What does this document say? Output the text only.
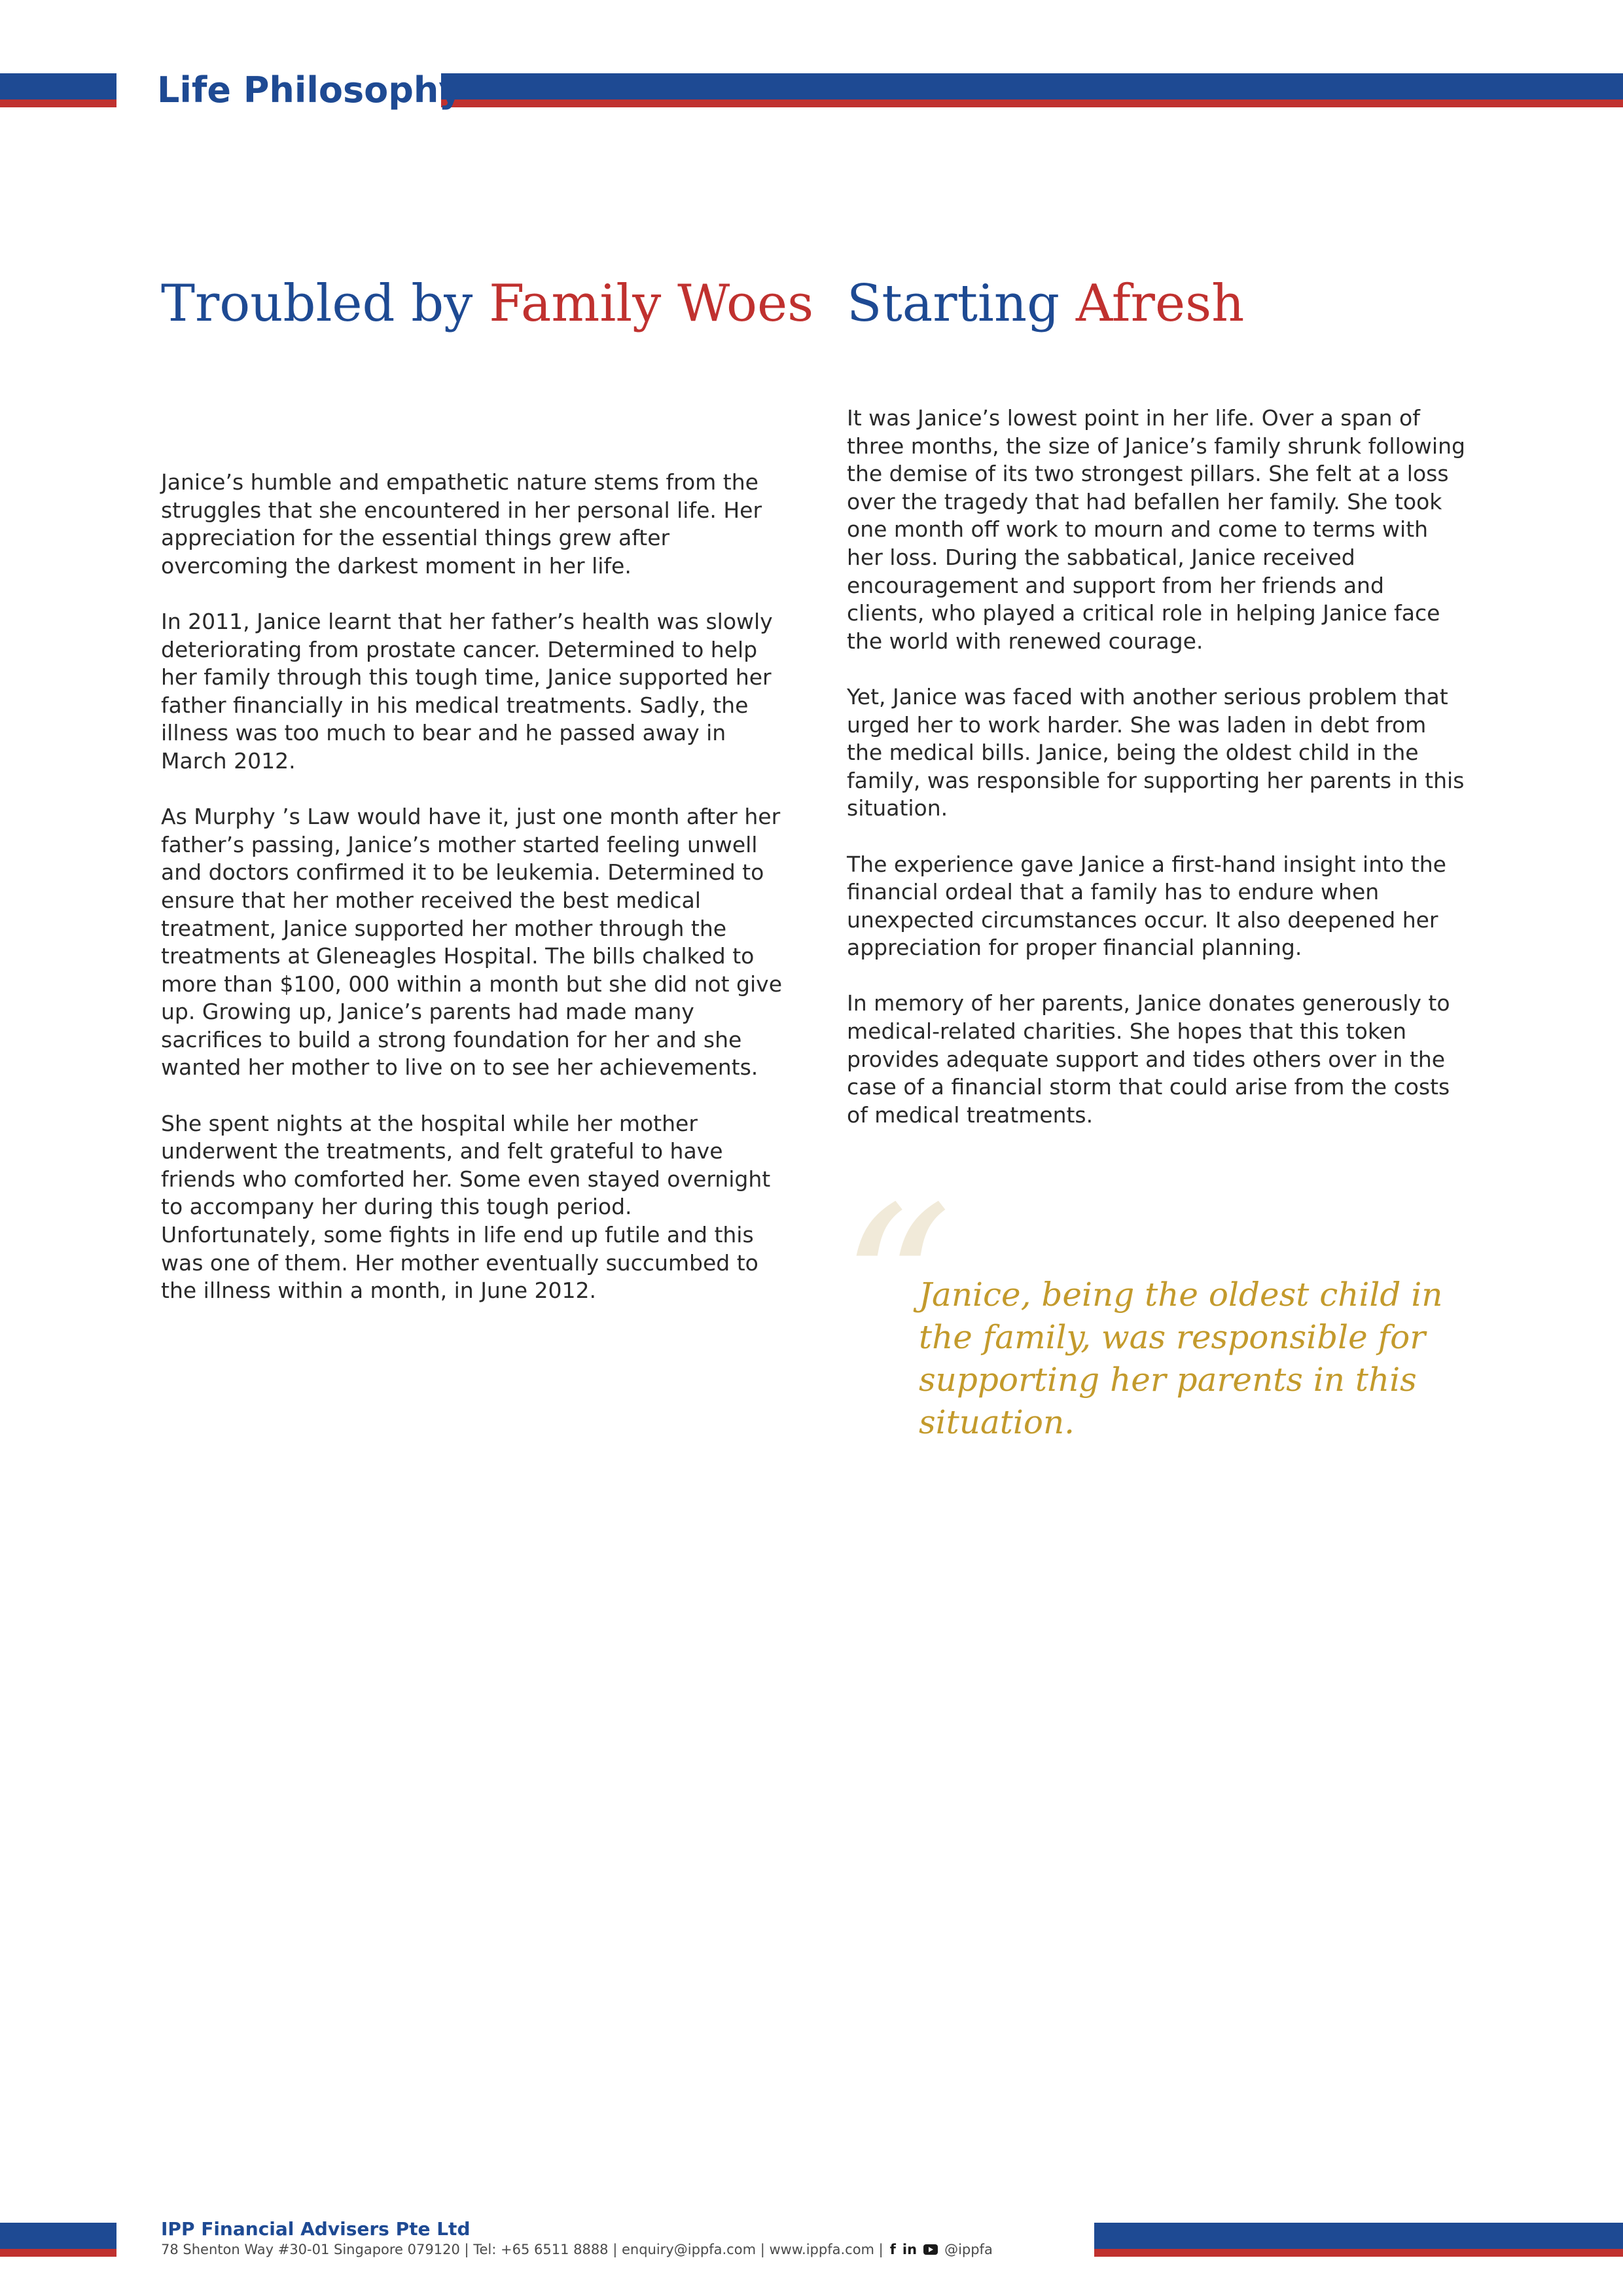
Life Philosophy
Troubled by Family Woes Starting Afresh

Janice’s humble and empathetic nature stems from the struggles that she encountered in her personal life. Her appreciation for the essential things grew after overcoming the darkest moment in her life.

In 2011, Janice learnt that her father’s health was slowly deteriorating from prostate cancer. Determined to help her family through this tough time, Janice supported her father financially in his medical treatments. Sadly, the illness was too much to bear and he passed away in March 2012.

As Murphy ’s Law would have it, just one month after her father’s passing, Janice’s mother started feeling unwell and doctors confirmed it to be leukemia. Determined to ensure that her mother received the best medical treatment, Janice supported her mother through the treatments at Gleneagles Hospital. The bills chalked to more than $100, 000 within a month but she did not give up. Growing up, Janice’s parents had made many sacrifices to build a strong foundation for her and she wanted her mother to live on to see her achievements.

She spent nights at the hospital while her mother underwent the treatments, and felt grateful to have friends who comforted her. Some even stayed overnight to accompany her during this tough period. Unfortunately, some fights in life end up futile and this was one of them. Her mother eventually succumbed to the illness within a month, in June 2012.

It was Janice’s lowest point in her life. Over a span of three months, the size of Janice’s family shrunk following the demise of its two strongest pillars. She felt at a loss over the tragedy that had befallen her family. She took one month off work to mourn and come to terms with her loss. During the sabbatical, Janice received encouragement and support from her friends and clients, who played a critical role in helping Janice face the world with renewed courage.

Yet, Janice was faced with another serious problem that urged her to work harder. She was laden in debt from the medical bills. Janice, being the oldest child in the family, was responsible for supporting her parents in this situation.

The experience gave Janice a first-hand insight into the financial ordeal that a family has to endure when unexpected circumstances occur. It also deepened her appreciation for proper financial planning.

In memory of her parents, Janice donates generously to medical-related charities. She hopes that this token provides adequate support and tides others over in the case of a financial storm that could arise from the costs of medical treatments.

“
Janice, being the oldest child in the family, was responsible for supporting her parents in this situation.
IPP Financial Advisers Pte Ltd
78 Shenton Way #30-01 Singapore 079120 | Tel: +65 6511 8888 | enquiry@ippfa.com | www.ippfa.com | f in @ippfa
